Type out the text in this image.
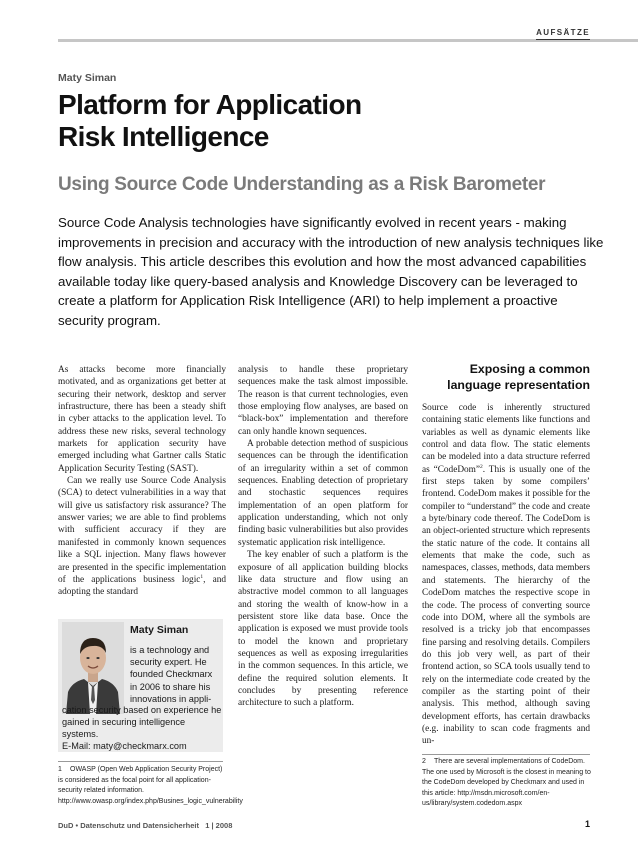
AUFSÄTZE
Maty Siman
Platform for Application
Risk Intelligence
Using Source Code Understanding as a Risk Barometer

Source Code Analysis technologies have significantly evolved in recent years - making improvements in precision and accuracy with the introduction of new analysis techniques like flow analysis. This article describes this evolution and how the most advanced capabilities available today like query-based analysis and Knowledge Discovery can be leveraged to create a platform for Application Risk Intelligence (ARI) to help implement a proactive security program.

As attacks become more financially motivated, and as organizations get better at securing their network, desktop and server infrastructure, there has been a steady shift in cyber attacks to the application level. To address these new risks, several technology markets for application security have emerged including what Gartner calls Static Application Security Testing (SAST).

Can we really use Source Code Analysis (SCA) to detect vulnerabilities in a way that will give us satisfactory risk assurance? The answer varies; we are able to find problems with sufficient accuracy if they are manifested in commonly known sequences like a SQL injection. Many flaws however are presented in the specific implementation of the applications business logic$^1$, and adopting the standard

Maty Siman
is a technology and security expert. He founded Checkmarx in 2006 to share his innovations in appli-
cation security based on experience he gained in securing intelligence systems.
E-Mail: maty@checkmarx.com

1 OWASP (Open Web Application Security Project) is considered as the focal point for all application-security related information. http://www.owasp.org/index.php/Busines_logic_vulnerability

analysis to handle these proprietary sequences make the task almost impossible. The reason is that current technologies, even those employing flow analyses, are based on “black-box” implementation and therefore can only handle known sequences.

A probable detection method of suspicious sequences can be through the identification of an irregularity within a set of common sequences. Enabling detection of proprietary and stochastic sequences requires implementation of an open platform for application understanding, which not only finding basic vulnerabilities but also provides systematic application risk intelligence.

The key enabler of such a platform is the exposure of all application building blocks like data structure and flow using an abstractive model common to all languages and storing the wealth of know-how in a persistent store like data base. Once the application is exposed we must provide tools to model the known and proprietary sequences as well as exposing irregularities in the common sequences. In this article, we define the required solution elements. It concludes by presenting reference architecture to such a platform.

Exposing a common
language representation

Source code is inherently structured containing static elements like functions and variables as well as dynamic elements like control and data flow. The static elements can be modeled into a data structure referred as “CodeDom”$^2$. This is usually one of the first steps taken by some compilers’ frontend. CodeDom makes it possible for the compiler to “understand” the code and create a byte/binary code thereof. The CodeDom is an object-oriented structure which represents the static nature of the code. It contains all elements that make the code, such as namespaces, classes, methods, data members and statements. The hierarchy of the CodeDom matches the respective scope in the code. The process of converting source code into DOM, where all the symbols are resolved is a tricky job that encompasses fine parsing and resolving details. Compilers do this job very well, as part of their frontend action, so SCA tools usually tend to rely on the intermediate code created by the compiler as the starting point of their analysis. This method, although saving development efforts, has certain drawbacks (e.g. inability to scan code fragments and un-

2 There are several implementations of CodeDom. The one used by Microsoft is the closest in meaning to the CodeDom developed by Checkmarx and used in this article: http://msdn.microsoft.com/en-us/library/system.codedom.aspx

DuD • Datenschutz und Datensicherheit 1 | 2008	1
